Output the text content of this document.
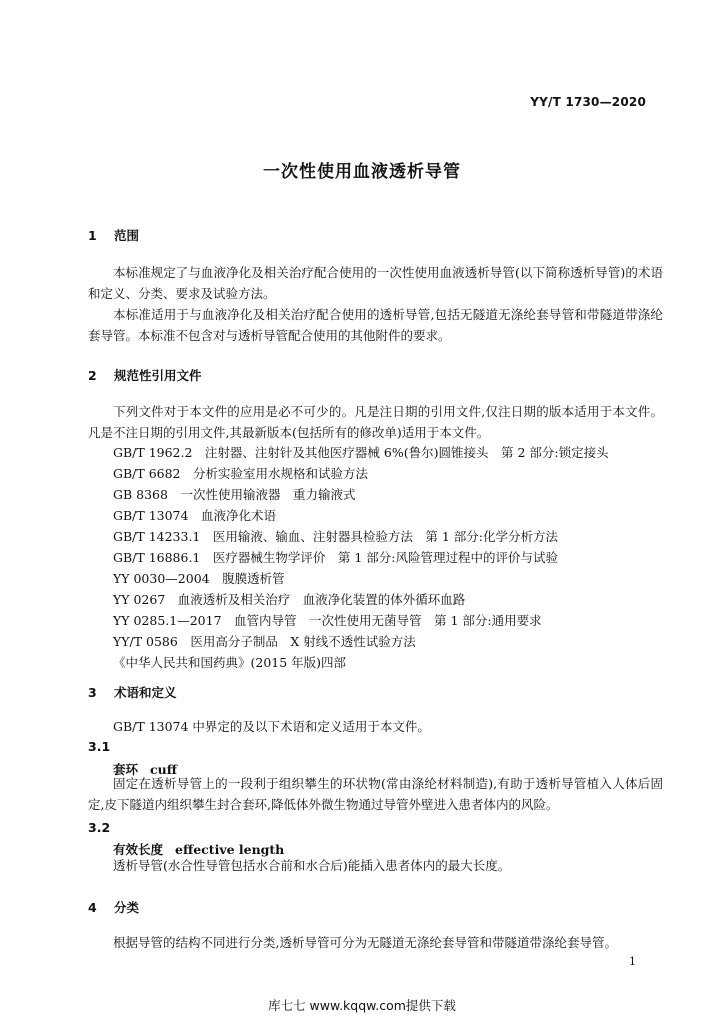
YY/T 1730—2020
一次性使用血液透析导管
1 范围
本标准规定了与血液净化及相关治疗配合使用的一次性使用血液透析导管(以下简称透析导管)的术语和定义、分类、要求及试验方法。
本标准适用于与血液净化及相关治疗配合使用的透析导管,包括无隧道无涤纶套导管和带隧道带涤纶套导管。本标准不包含对与透析导管配合使用的其他附件的要求。
2 规范性引用文件
下列文件对于本文件的应用是必不可少的。凡是注日期的引用文件,仅注日期的版本适用于本文件。凡是不注日期的引用文件,其最新版本(包括所有的修改单)适用于本文件。
GB/T 1962.2　注射器、注射针及其他医疗器械 6%(鲁尔)圆锥接头　第 2 部分:锁定接头
GB/T 6682　分析实验室用水规格和试验方法
GB 8368　一次性使用输液器　重力输液式
GB/T 13074　血液净化术语
GB/T 14233.1　医用输液、输血、注射器具检验方法　第 1 部分:化学分析方法
GB/T 16886.1　医疗器械生物学评价　第 1 部分:风险管理过程中的评价与试验
YY 0030—2004　腹膜透析管
YY 0267　血液透析及相关治疗　血液净化装置的体外循环血路
YY 0285.1—2017　血管内导管　一次性使用无菌导管　第 1 部分:通用要求
YY/T 0586　医用高分子制品　X 射线不透性试验方法
《中华人民共和国药典》(2015 年版)四部
3 术语和定义
GB/T 13074 中界定的及以下术语和定义适用于本文件。
3.1
套环 cuff
固定在透析导管上的一段利于组织攀生的环状物(常由涤纶材料制造),有助于透析导管植入人体后固定,皮下隧道内组织攀生封合套环,降低体外微生物通过导管外壁进入患者体内的风险。
3.2
有效长度 effective length
透析导管(水合性导管包括水合前和水合后)能插入患者体内的最大长度。
4 分类
根据导管的结构不同进行分类,透析导管可分为无隧道无涤纶套导管和带隧道带涤纶套导管。
1
库七七 www.kqqw.com提供下载
